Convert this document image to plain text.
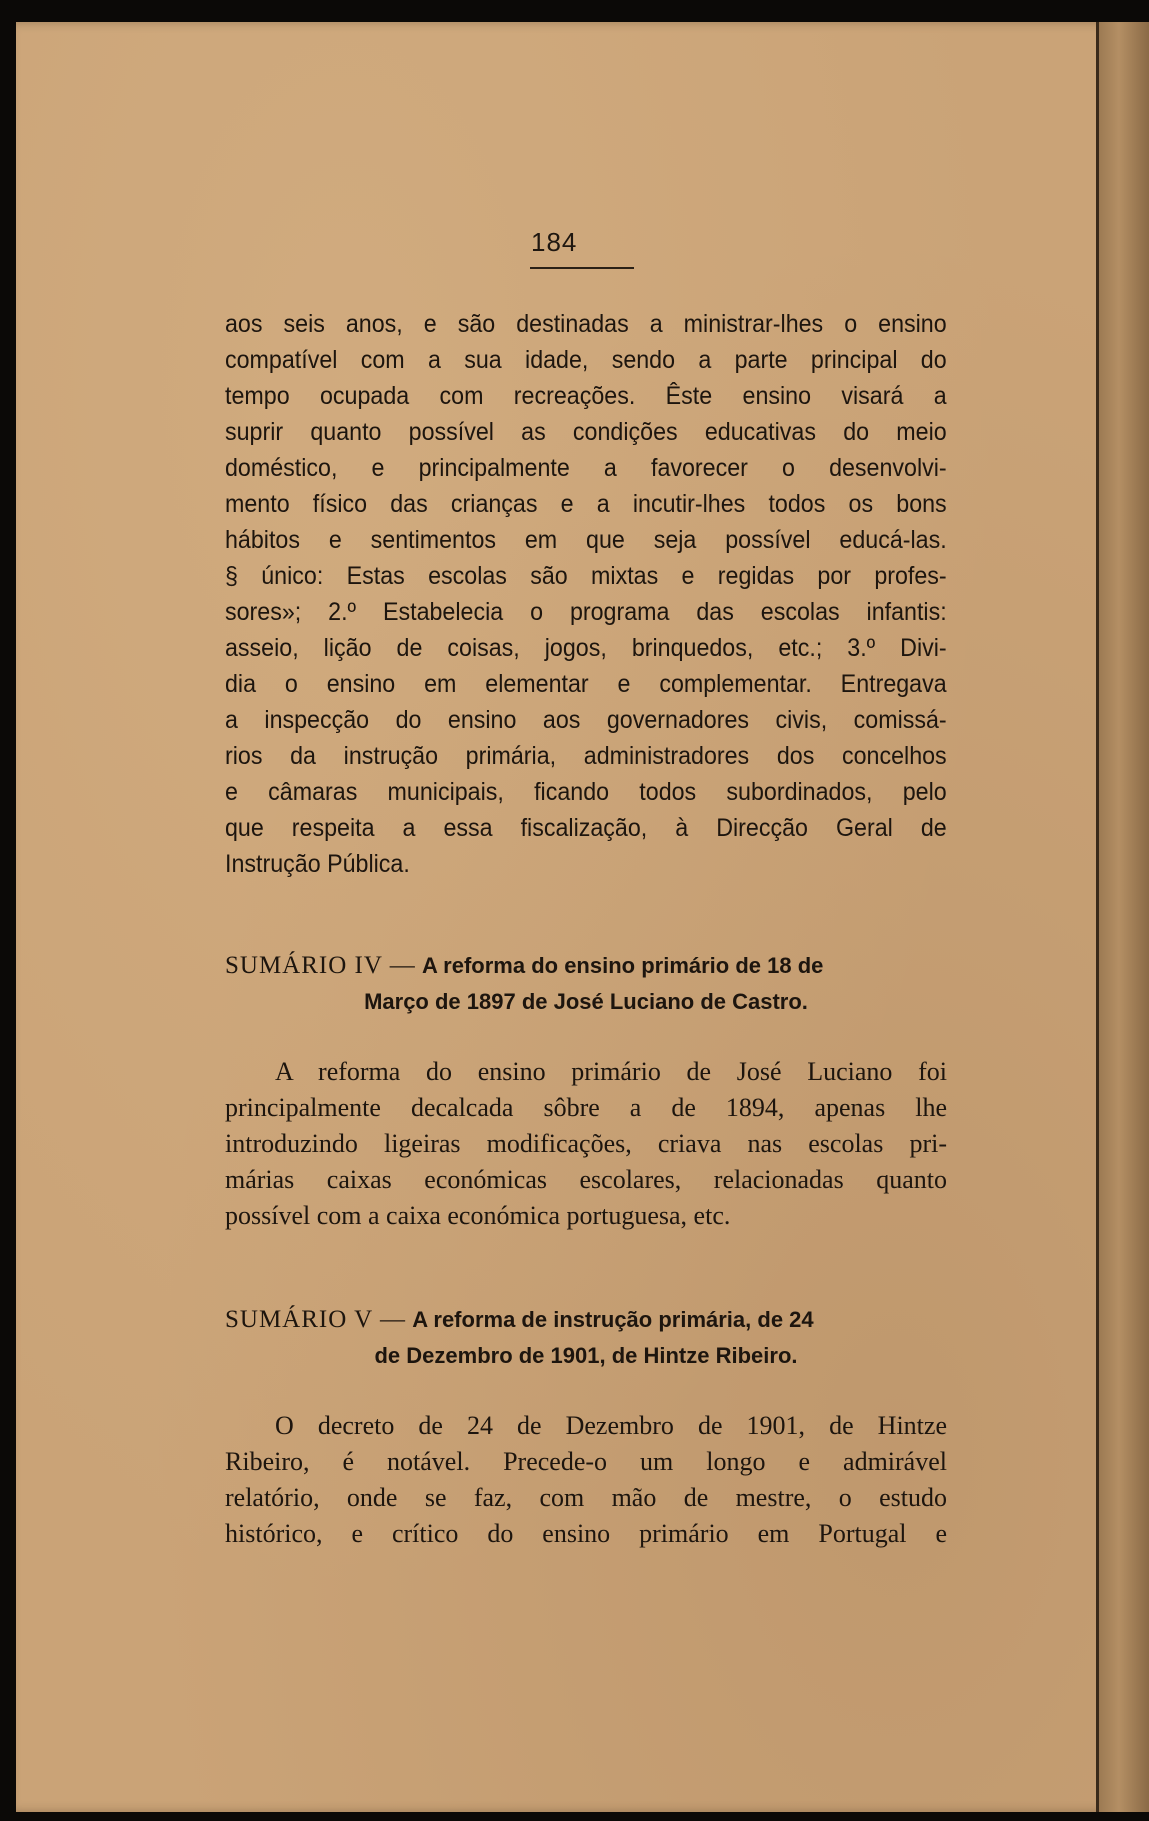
184
aos seis anos, e são destinadas a ministrar-lhes o ensino
compatível com a sua idade, sendo a parte principal do
tempo ocupada com recreações. Êste ensino visará a
suprir quanto possível as condições educativas do meio
doméstico, e principalmente a favorecer o desenvolvi-
mento físico das crianças e a incutir-lhes todos os bons
hábitos e sentimentos em que seja possível educá-las.
§ único: Estas escolas são mixtas e regidas por profes-
sores»; 2.º Estabelecia o programa das escolas infantis:
asseio, lição de coisas, jogos, brinquedos, etc.; 3.º Divi-
dia o ensino em elementar e complementar. Entregava
a inspecção do ensino aos governadores civis, comissá-
rios da instrução primária, administradores dos concelhos
e câmaras municipais, ficando todos subordinados, pelo
que respeita a essa fiscalização, à Direcção Geral de
Instrução Pública.
SUMÁRIO IV — A reforma do ensino primário de 18 de
Março de 1897 de José Luciano de Castro.
A reforma do ensino primário de José Luciano foi
principalmente decalcada sôbre a de 1894, apenas lhe
introduzindo ligeiras modificações, criava nas escolas pri-
márias caixas económicas escolares, relacionadas quanto
possível com a caixa económica portuguesa, etc.
SUMÁRIO V — A reforma de instrução primária, de 24
de Dezembro de 1901, de Hintze Ribeiro.
O decreto de 24 de Dezembro de 1901, de Hintze
Ribeiro, é notável. Precede-o um longo e admirável
relatório, onde se faz, com mão de mestre, o estudo
histórico, e crítico do ensino primário em Portugal e
